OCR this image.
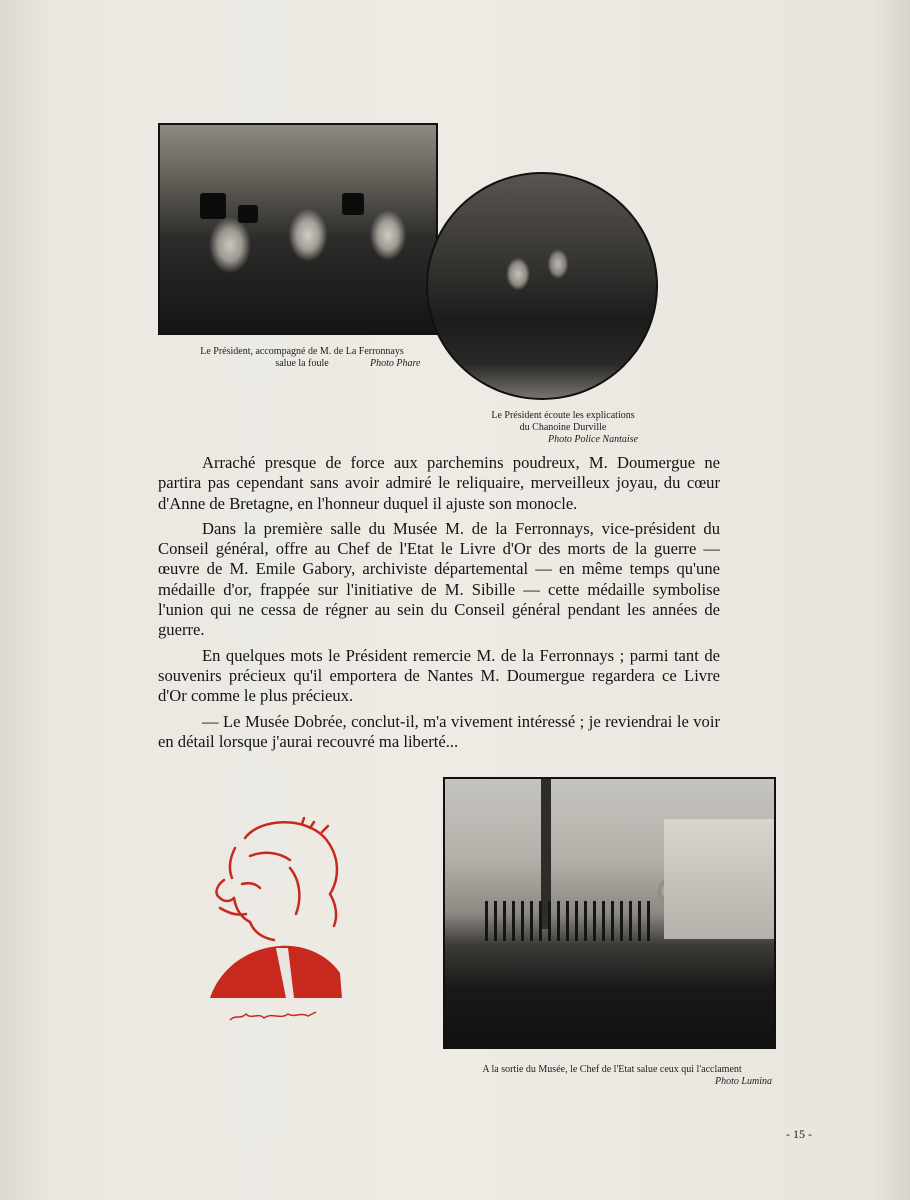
Le Président, accompagné de M. de La Ferronnays
salue la foule	Photo Phare
Le Président écoute les explications
du Chanoine Durville
Photo Police Nantaise

Arraché presque de force aux parchemins poudreux, M. Doumergue ne partira pas cependant sans avoir admiré le reliquaire, merveilleux joyau, du cœur d'Anne de Bretagne, en l'honneur duquel il ajuste son monocle.

Dans la première salle du Musée M. de la Ferronnays, vice-président du Conseil général, offre au Chef de l'Etat le Livre d'Or des morts de la guerre — œuvre de M. Emile Gabory, archiviste départemental — en même temps qu'une médaille d'or, frappée sur l'initiative de M. Sibille — cette médaille symbolise l'union qui ne cessa de régner au sein du Conseil général pendant les années de guerre.

En quelques mots le Président remercie M. de la Ferronnays ; parmi tant de souvenirs précieux qu'il emportera de Nantes M. Doumergue regardera ce Livre d'Or comme le plus précieux.

— Le Musée Dobrée, conclut-il, m'a vivement intéressé ; je reviendrai le voir en détail lorsque j'aurai recouvré ma liberté...

A la sortie du Musée, le Chef de l'Etat salue ceux qui l'acclament
Photo Lumina
- 15 -
